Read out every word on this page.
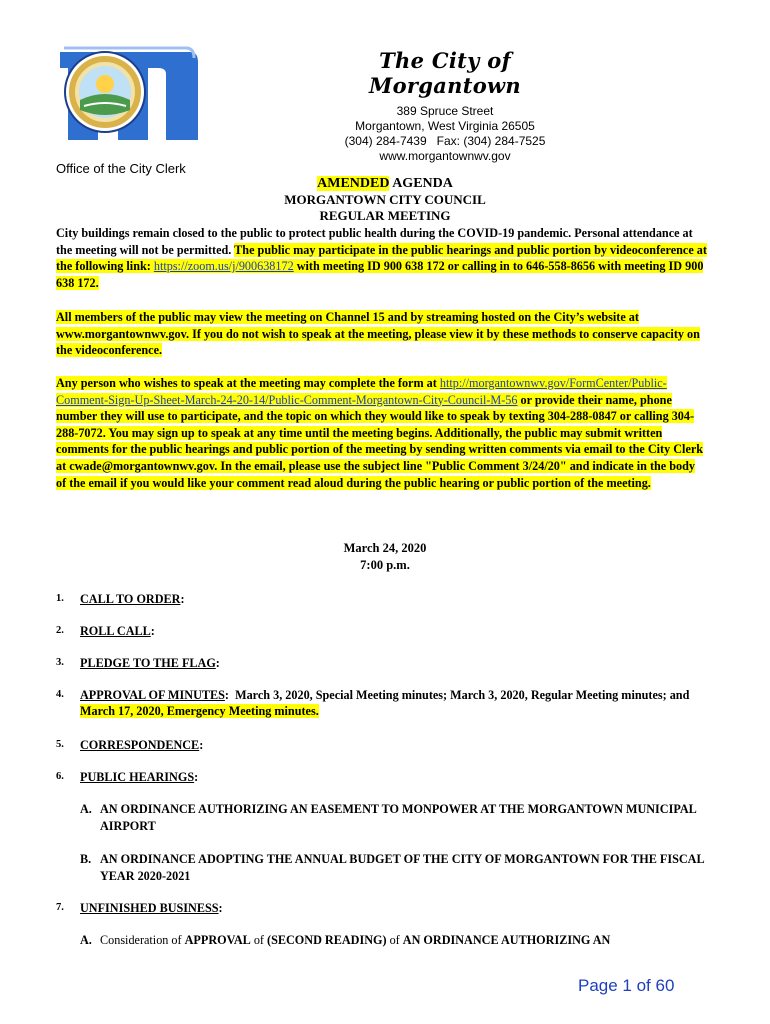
The City of Morgantown
389 Spruce Street
Morgantown, West Virginia 26505
(304) 284-7439   Fax: (304) 284-7525
www.morgantownwv.gov
Office of the City Clerk
AMENDED AGENDA
MORGANTOWN CITY COUNCIL
REGULAR MEETING
City buildings remain closed to the public to protect public health during the COVID-19 pandemic. Personal attendance at the meeting will not be permitted. The public may participate in the public hearings and public portion by videoconference at the following link: https://zoom.us/j/900638172 with meeting ID 900 638 172 or calling in to 646-558-8656 with meeting ID 900 638 172.
All members of the public may view the meeting on Channel 15 and by streaming hosted on the City’s website at www.morgantownwv.gov. If you do not wish to speak at the meeting, please view it by these methods to conserve capacity on the videoconference.
Any person who wishes to speak at the meeting may complete the form at http://morgantownwv.gov/FormCenter/Public-Comment-Sign-Up-Sheet-March-24-20-14/Public-Comment-Morgantown-City-Council-M-56 or provide their name, phone number they will use to participate, and the topic on which they would like to speak by texting 304-288-0847 or calling 304-288-7072. You may sign up to speak at any time until the meeting begins. Additionally, the public may submit written comments for the public hearings and public portion of the meeting by sending written comments via email to the City Clerk at cwade@morgantownwv.gov. In the email, please use the subject line "Public Comment 3/24/20" and indicate in the body of the email if you would like your comment read aloud during the public hearing or public portion of the meeting.
March 24, 2020
7:00 p.m.
1.	CALL TO ORDER:
2.	ROLL CALL:
3.	PLEDGE TO THE FLAG:
4.	APPROVAL OF MINUTES:  March 3, 2020, Special Meeting minutes; March 3, 2020, Regular Meeting minutes; and March 17, 2020, Emergency Meeting minutes.
5.	CORRESPONDENCE:
6.	PUBLIC HEARINGS:
A. AN ORDINANCE AUTHORIZING AN EASEMENT TO MONPOWER AT THE MORGANTOWN MUNICIPAL AIRPORT
B. AN ORDINANCE ADOPTING THE ANNUAL BUDGET OF THE CITY OF MORGANTOWN FOR THE FISCAL YEAR 2020-2021
7.	UNFINISHED BUSINESS:
A. Consideration of APPROVAL of (SECOND READING) of AN ORDINANCE AUTHORIZING AN
Page 1 of 60
